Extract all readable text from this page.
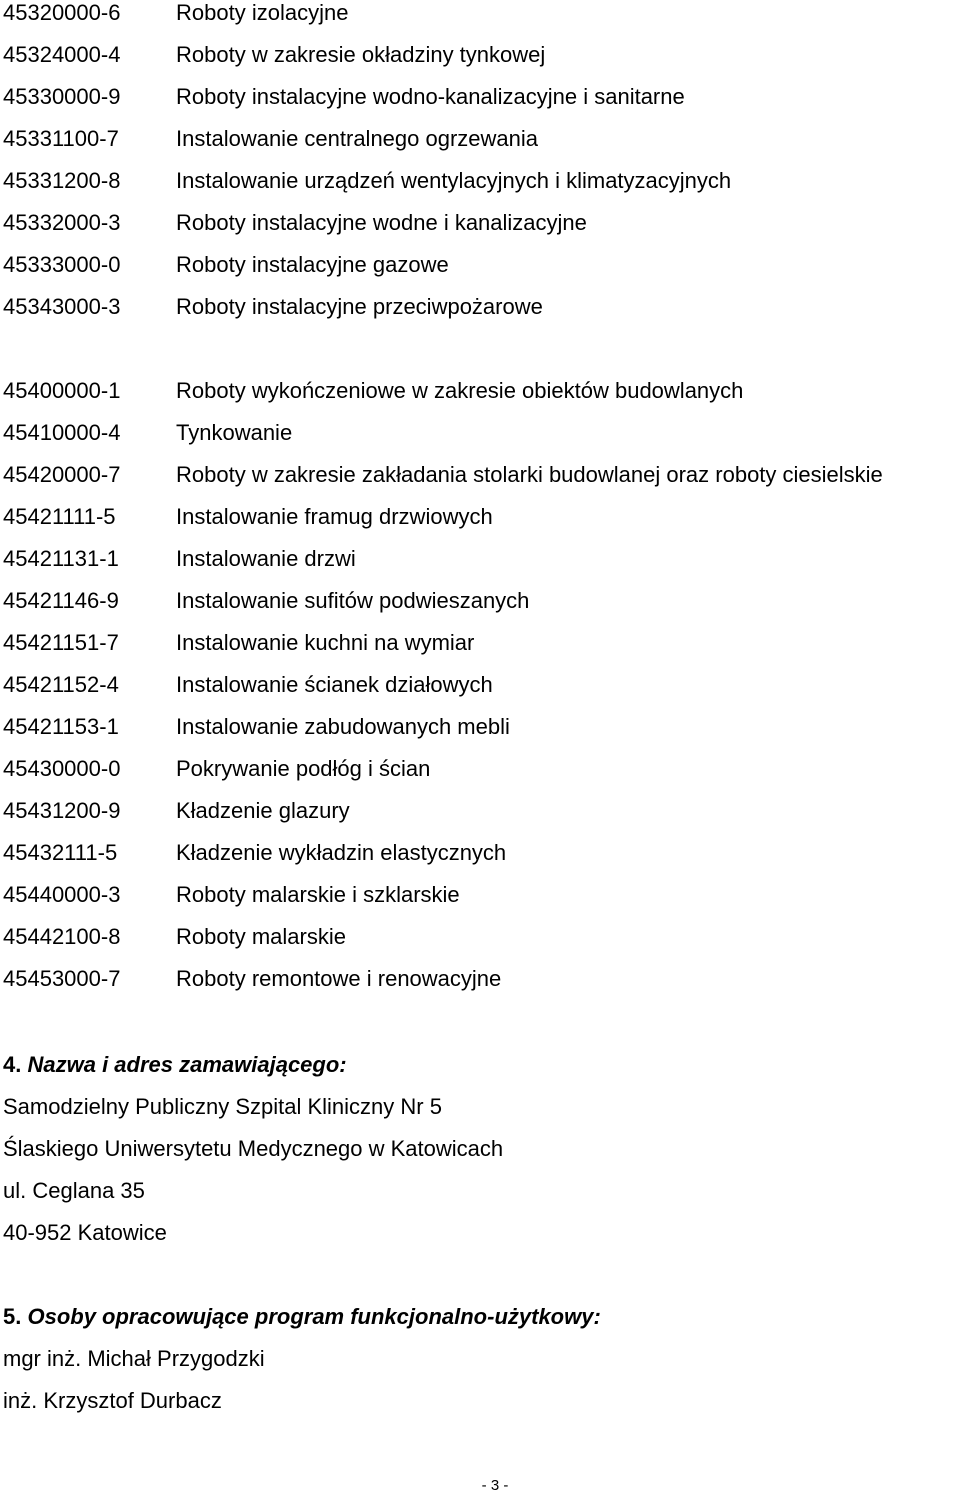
45320000-6	Roboty izolacyjne
45324000-4	Roboty w zakresie okładziny tynkowej
45330000-9	Roboty instalacyjne wodno-kanalizacyjne i sanitarne
45331100-7	Instalowanie centralnego ogrzewania
45331200-8	Instalowanie urządzeń wentylacyjnych i klimatyzacyjnych
45332000-3	Roboty instalacyjne wodne i kanalizacyjne
45333000-0	Roboty instalacyjne gazowe
45343000-3	Roboty instalacyjne przeciwpożarowe
45400000-1	Roboty wykończeniowe w zakresie obiektów budowlanych
45410000-4	Tynkowanie
45420000-7	Roboty w zakresie zakładania stolarki budowlanej oraz roboty ciesielskie
45421111-5	Instalowanie framug drzwiowych
45421131-1	Instalowanie drzwi
45421146-9	Instalowanie sufitów podwieszanych
45421151-7	Instalowanie kuchni na wymiar
45421152-4	Instalowanie ścianek działowych
45421153-1	Instalowanie zabudowanych mebli
45430000-0	Pokrywanie podłóg i ścian
45431200-9	Kładzenie glazury
45432111-5	Kładzenie wykładzin elastycznych
45440000-3	Roboty malarskie i szklarskie
45442100-8	Roboty malarskie
45453000-7	Roboty remontowe i renowacyjne
4. Nazwa i adres zamawiającego:
Samodzielny Publiczny Szpital Kliniczny Nr 5
Ślaskiego Uniwersytetu Medycznego w Katowicach
ul. Ceglana 35
40-952 Katowice
5. Osoby opracowujące program funkcjonalno-użytkowy:
mgr inż. Michał Przygodzki
inż. Krzysztof Durbacz
- 3 -
